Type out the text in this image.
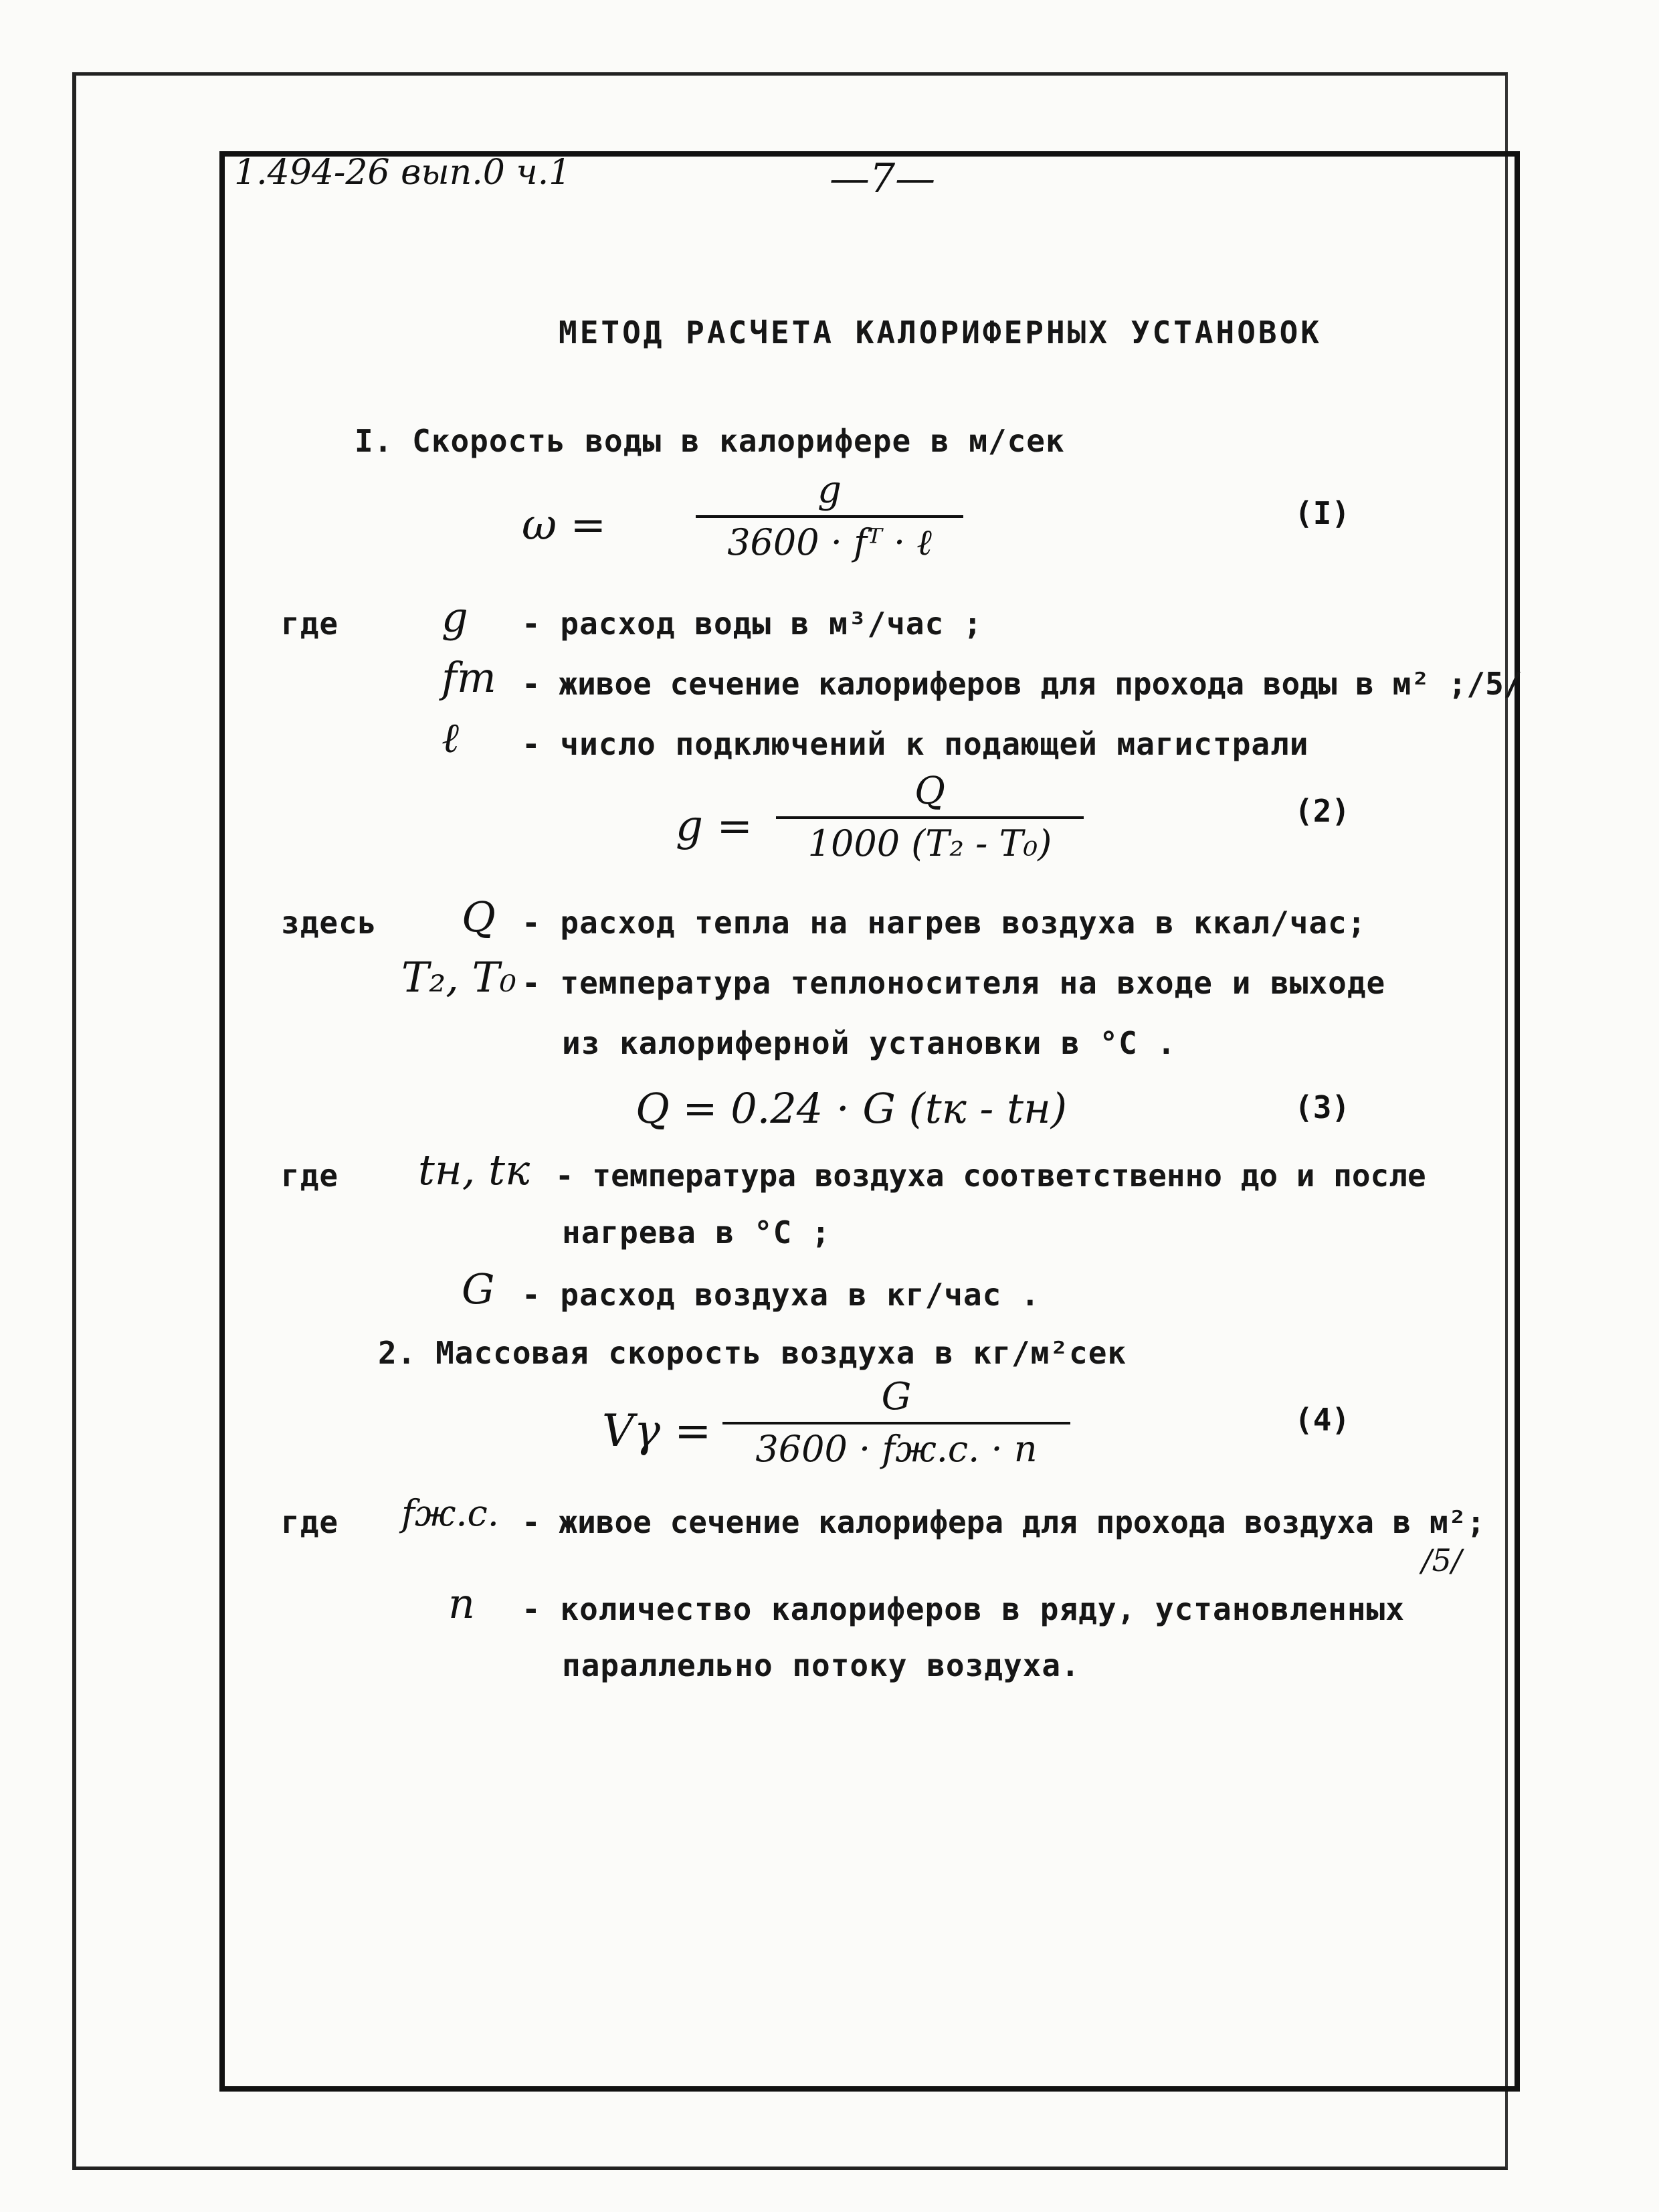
1.494-26 вып.0 ч.1	—7—
МЕТОД РАСЧЕТА КАЛОРИФЕРНЫХ УСТАНОВОК
I. Скорость воды в калорифере в м/сек
ω =
g
3600 · fᵀ · ℓ
(I)
где g - расход воды в м³/час ;
fт - живое сечение калориферов для прохода воды в м² ;/5/
ℓ - число подключений к подающей магистрали
g =
Q
1000 (T₂ - T₀)
(2)
здесь Q - расход тепла на нагрев воздуха в ккал/час;
T₂, T₀ - температура теплоносителя на входе и выходе
из калориферной установки в °С .
Q = 0.24 · G (tк - tн)	(3)
где tн, tк - температура воздуха соответственно до и после
нагрева в °С ;
G - расход воздуха в кг/час .
2. Массовая скорость воздуха в кг/м²сек
Vγ =
G
3600 · fж.с. · n
(4)
где fж.с. - живое сечение калорифера для прохода воздуха в м²;
/5/
n - количество калориферов в ряду, установленных
параллельно потоку воздуха.
